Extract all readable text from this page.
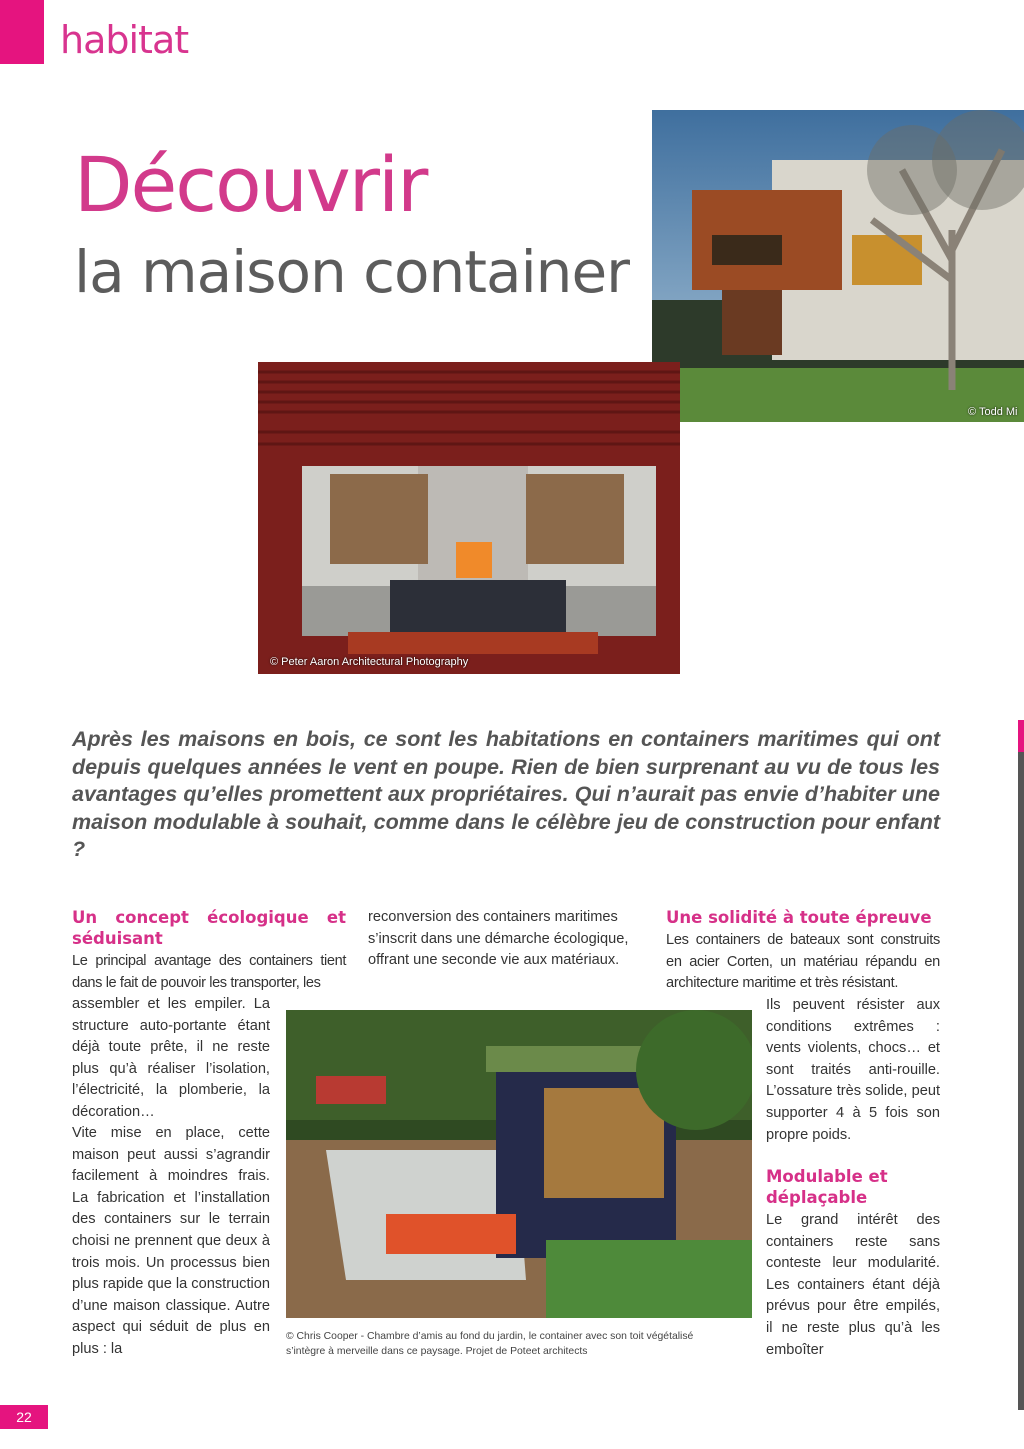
habitat
Découvrir
la maison container
© Todd Mi
© Peter Aaron Architectural Photography
Après les maisons en bois, ce sont les habitations en containers maritimes qui ont depuis quelques années le vent en poupe. Rien de bien surprenant au vu de tous les avantages qu’elles promettent aux propriétaires. Qui n’aurait pas envie d’habiter une maison modulable à souhait, comme dans le célèbre jeu de construction pour enfant ?
Un concept écologique et séduisant
Le principal avantage des containers tient dans le fait de pouvoir les transporter, les
assembler et les empiler. La structure auto-portante étant déjà toute prête, il ne reste plus qu’à réaliser l’isolation, l’électricité, la plomberie, la décoration…
Vite mise en place, cette maison peut aussi s’agrandir facilement à moindres frais. La fabrication et l’installation des containers sur le terrain choisi ne prennent que deux à trois mois. Un processus bien plus rapide que la construction d’une maison classique. Autre aspect qui séduit de plus en plus : la
reconversion des containers maritimes s’inscrit dans une démarche écologique, offrant une seconde vie aux matériaux.
© Chris Cooper - Chambre d’amis au fond du jardin, le container avec son toit végétalisé
s’intègre à merveille dans ce paysage. Projet de Poteet architects
Une solidité à toute épreuve
Les containers de bateaux sont construits en acier Corten, un matériau répandu en architecture maritime et très résistant.
Ils peuvent résister aux conditions extrêmes : vents violents, chocs… et sont traités anti-rouille. L’ossature très solide, peut supporter 4 à 5 fois son propre poids.
Modulable et déplaçable
Le grand intérêt des containers reste sans conteste leur modularité. Les containers étant déjà prévus pour être empilés, il ne reste plus qu’à les emboîter
22
